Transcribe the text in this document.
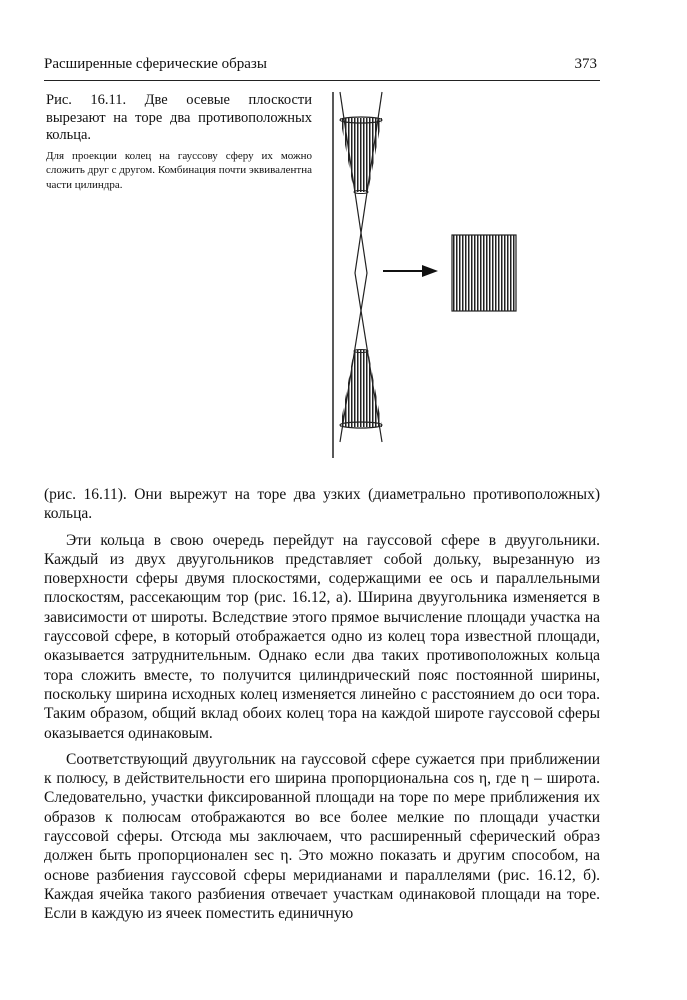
Расширенные сферические образы	373

Рис. 16.11. Две осевые плоскости вырезают на торе два противоположных кольца.

Для проекции колец на гауссову сферу их можно сложить друг с другом. Комбинация почти эквивалентна части цилиндра.

(рис. 16.11). Они вырежут на торе два узких (диаметрально противоположных) кольца.

Эти кольца в свою очередь перейдут на гауссовой сфере в двуугольники. Каждый из двух двуугольников представляет собой дольку, вырезанную из поверхности сферы двумя плоскостями, содержащими ее ось и параллельными плоскостям, рассекающим тор (рис. 16.12, а). Ширина двуугольника изменяется в зависимости от широты. Вследствие этого прямое вычисление площади участка на гауссовой сфере, в который отображается одно из колец тора известной площади, оказывается затруднительным. Однако если два таких противоположных кольца тора сложить вместе, то получится цилиндрический пояс постоянной ширины, поскольку ширина исходных колец изменяется линейно с расстоянием до оси тора. Таким образом, общий вклад обоих колец тора на каждой широте гауссовой сферы оказывается одинаковым.

Соответствующий двуугольник на гауссовой сфере сужается при приближении к полюсу, в действительности его ширина пропорциональна cos η, где η – широта. Следовательно, участки фиксированной площади на торе по мере приближения их образов к полюсам отображаются во все более мелкие по площади участки гауссовой сферы. Отсюда мы заключаем, что расширенный сферический образ должен быть пропорционален sec η. Это можно показать и другим способом, на основе разбиения гауссовой сферы меридианами и параллелями (рис. 16.12, б). Каждая ячейка такого разбиения отвечает участкам одинаковой площади на торе. Если в каждую из ячеек поместить единичную
